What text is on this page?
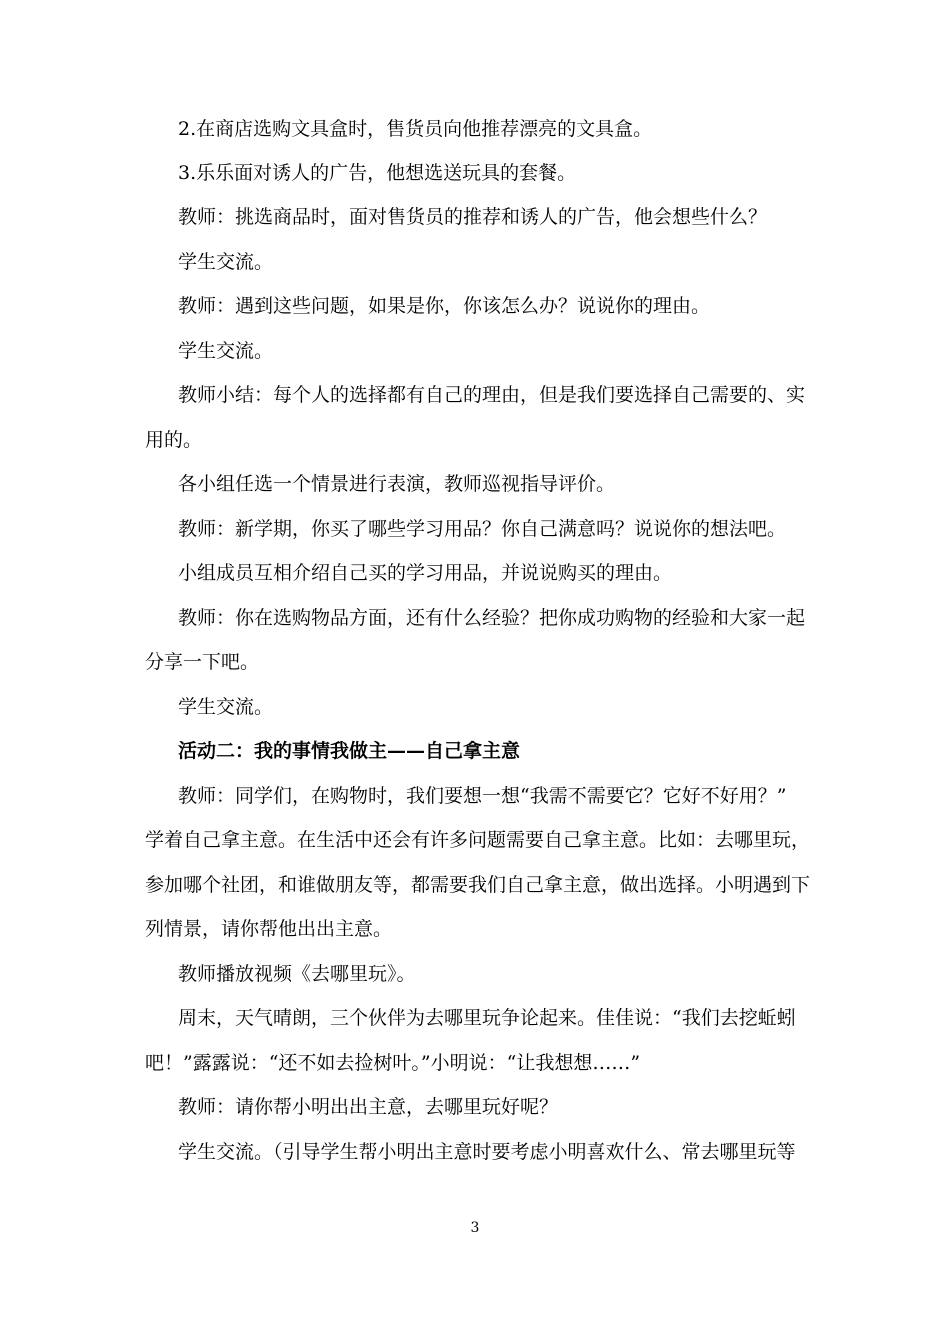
2.在商店选购文具盒时，售货员向他推荐漂亮的文具盒。
3.乐乐面对诱人的广告，他想选送玩具的套餐。
教师：挑选商品时，面对售货员的推荐和诱人的广告，他会想些什么？
学生交流。
教师：遇到这些问题，如果是你，你该怎么办？说说你的理由。
学生交流。
教师小结：每个人的选择都有自己的理由，但是我们要选择自己需要的、实
用的。
各小组任选一个情景进行表演，教师巡视指导评价。
教师：新学期，你买了哪些学习用品？你自己满意吗？说说你的想法吧。
小组成员互相介绍自己买的学习用品，并说说购买的理由。
教师：你在选购物品方面，还有什么经验？把你成功购物的经验和大家一起
分享一下吧。
学生交流。
活动二：我的事情我做主——自己拿主意
教师：同学们，在购物时，我们要想一想“我需不需要它？它好不好用？”
学着自己拿主意。在生活中还会有许多问题需要自己拿主意。比如：去哪里玩，
参加哪个社团，和谁做朋友等，都需要我们自己拿主意，做出选择。小明遇到下
列情景，请你帮他出出主意。
教师播放视频《去哪里玩》。
周末，天气晴朗，三个伙伴为去哪里玩争论起来。佳佳说：“我们去挖蚯蚓
吧！”露露说：“还不如去捡树叶。”小明说：“让我想想……”
教师：请你帮小明出出主意，去哪里玩好呢？
学生交流。（引导学生帮小明出主意时要考虑小明喜欢什么、常去哪里玩等
3
